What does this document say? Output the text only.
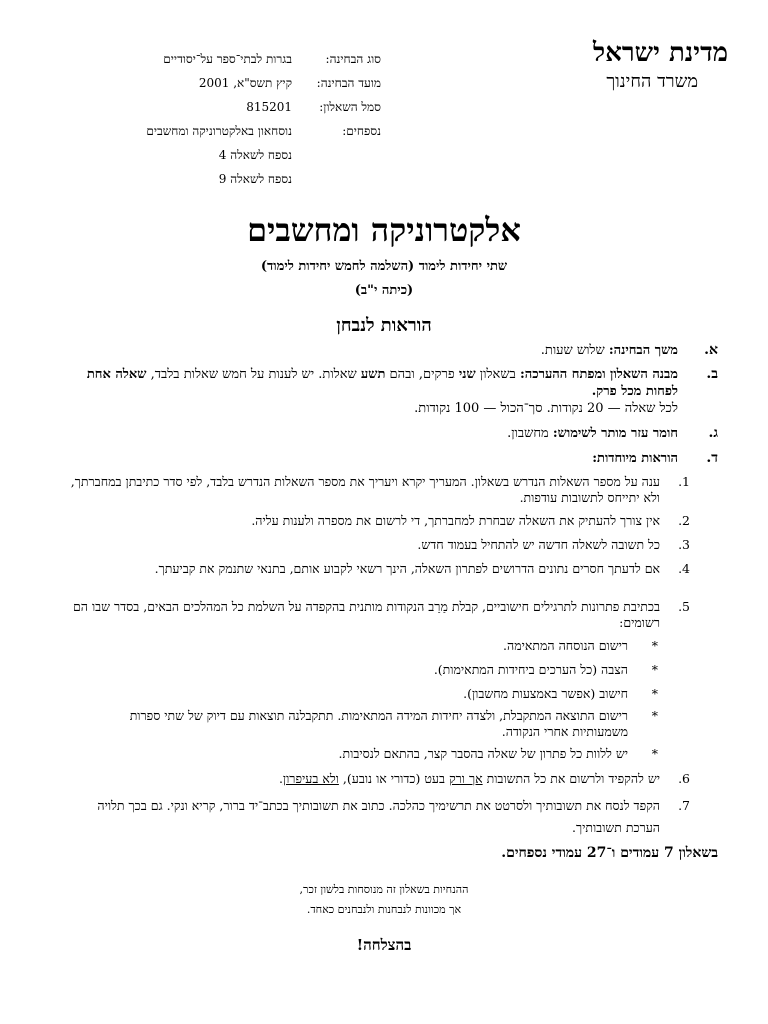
מדינת ישראל
משרד החינוך
סוג הבחינה:
בגרות לבתי־ספר על־יסודיים
מועד הבחינה:
קיץ תשס"א, 2001
סמל השאלון:
815201
נספחים:
נוסחאון באלקטרוניקה ומחשבים
נספח לשאלה 4
נספח לשאלה 9
אלקטרוניקה ומחשבים
שתי יחידות לימוד (השלמה לחמש יחידות לימוד)
(כיתה י"ב)
הוראות לנבחן
א.
משך הבחינה: שלוש שעות.
ב.
מבנה השאלון ומפתח ההערכה: בשאלון שני פרקים, ובהם תשע שאלות. יש לענות על חמש שאלות בלבד, שאלה אחת לפחות מכל פרק.
לכל שאלה — 20 נקודות. סך־הכול — 100 נקודות.
ג.
חומר עזר מותר לשימוש: מחשבון.
ד.
הוראות מיוחדות:
1.
ענה על מספר השאלות הנדרש בשאלון. המעריך יקרא ויעריך את מספר השאלות הנדרש בלבד, לפי סדר כתיבתן במחברתך, ולא יתייחס לתשובות עודפות.
2.
אין צורך להעתיק את השאלה שבחרת למחברתך, די לרשום את מספרה ולענות עליה.
3.
כל תשובה לשאלה חדשה יש להתחיל בעמוד חדש.
4.
אם לדעתך חסרים נתונים הדרושים לפתרון השאלה, הינך רשאי לקבוע אותם, בתנאי שתנמק את קביעתך.
5.
בכתיבת פתרונות לתרגילים חישוביים, קבלת מַרַב הנקודות מותנית בהקפדה על השלמת כל המהלכים הבאים, בסדר שבו הם רשומים:
*
רישום הנוסחה המתאימה.
*
הצבה (כל הערכים ביחידות המתאימות).
*
חישוב (אפשר באמצעות מחשבון).
*
רישום התוצאה המתקבלת, ולצדה יחידות המידה המתאימות. תתקבלנה תוצאות עם דיוק של שתי ספרות משמעותיות אחרי הנקודה.
*
יש ללוות כל פתרון של שאלה בהסבר קצר, בהתאם לנסיבות.
6.
יש להקפיד ולרשום את כל התשובות אך ורק בעט (כדורי או נובע), ולא בעיפרון.
7.
הקפד לנסח את תשובותיך ולסרטט את תרשימיך כהלכה. כתוב את תשובותיך בכתב־יד ברור, קריא ונקי. גם בכך תלויה הערכת תשובותיך.
בשאלון 7 עמודים ו־27 עמודי נספחים.
ההנחיות בשאלון זה מנוסחות בלשון זכר,
אך מכוונות לנבחנות ולנבחנים כאחד.
בהצלחה!
